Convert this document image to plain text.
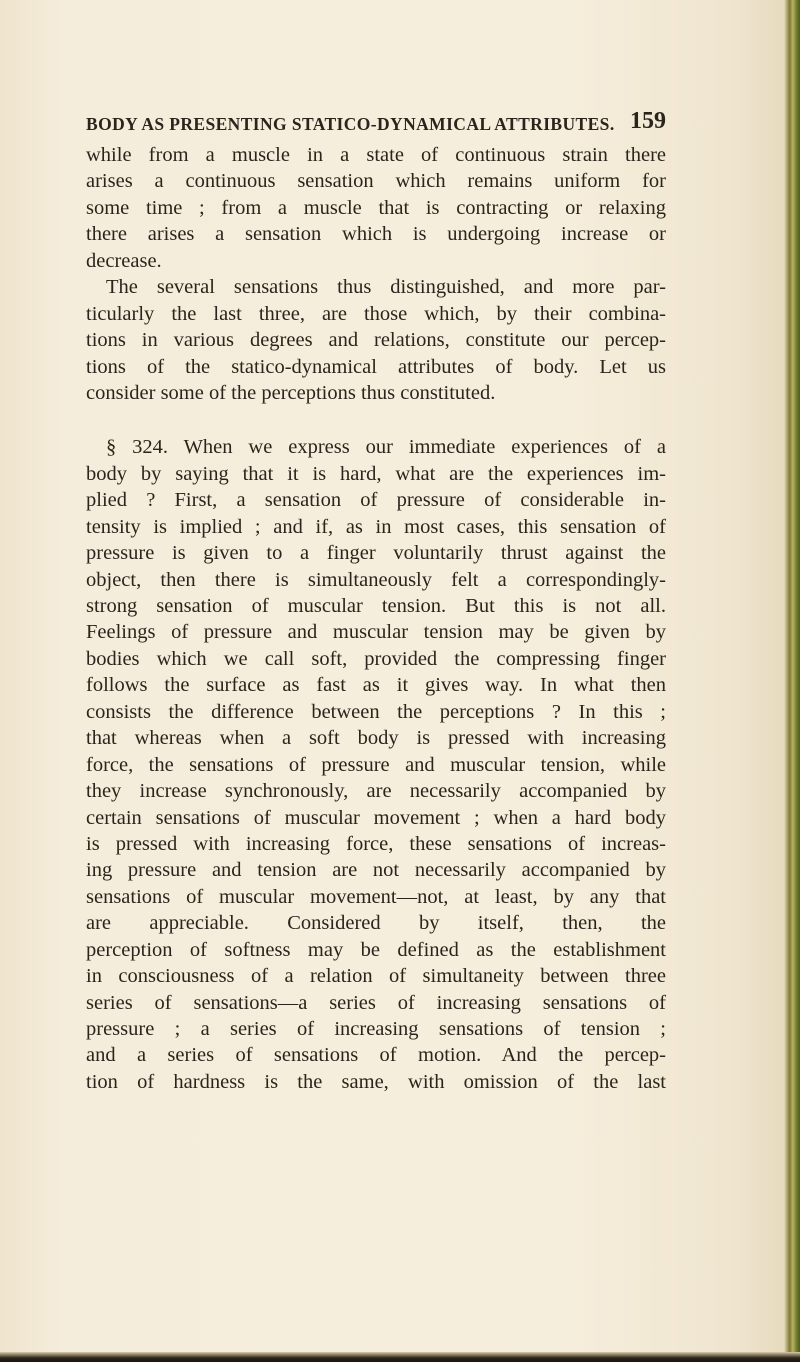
BODY AS PRESENTING STATICO-DYNAMICAL ATTRIBUTES. 159
while from a muscle in a state of continuous strain there
arises a continuous sensation which remains uniform for
some time ; from a muscle that is contracting or relaxing
there arises a sensation which is undergoing increase or
decrease.
The several sensations thus distinguished, and more par-
ticularly the last three, are those which, by their combina-
tions in various degrees and relations, constitute our percep-
tions of the statico-dynamical attributes of body. Let us
consider some of the perceptions thus constituted.
§ 324. When we express our immediate experiences of a
body by saying that it is hard, what are the experiences im-
plied ? First, a sensation of pressure of considerable in-
tensity is implied ; and if, as in most cases, this sensation of
pressure is given to a finger voluntarily thrust against the
object, then there is simultaneously felt a correspondingly-
strong sensation of muscular tension. But this is not all.
Feelings of pressure and muscular tension may be given by
bodies which we call soft, provided the compressing finger
follows the surface as fast as it gives way. In what then
consists the difference between the perceptions ? In this ;
that whereas when a soft body is pressed with increasing
force, the sensations of pressure and muscular tension, while
they increase synchronously, are necessarily accompanied by
certain sensations of muscular movement ; when a hard body
is pressed with increasing force, these sensations of increas-
ing pressure and tension are not necessarily accompanied by
sensations of muscular movement—not, at least, by any that
are appreciable. Considered by itself, then, the
perception of softness may be defined as the establishment
in consciousness of a relation of simultaneity between three
series of sensations—a series of increasing sensations of
pressure ; a series of increasing sensations of tension ;
and a series of sensations of motion. And the percep-
tion of hardness is the same, with omission of the last
